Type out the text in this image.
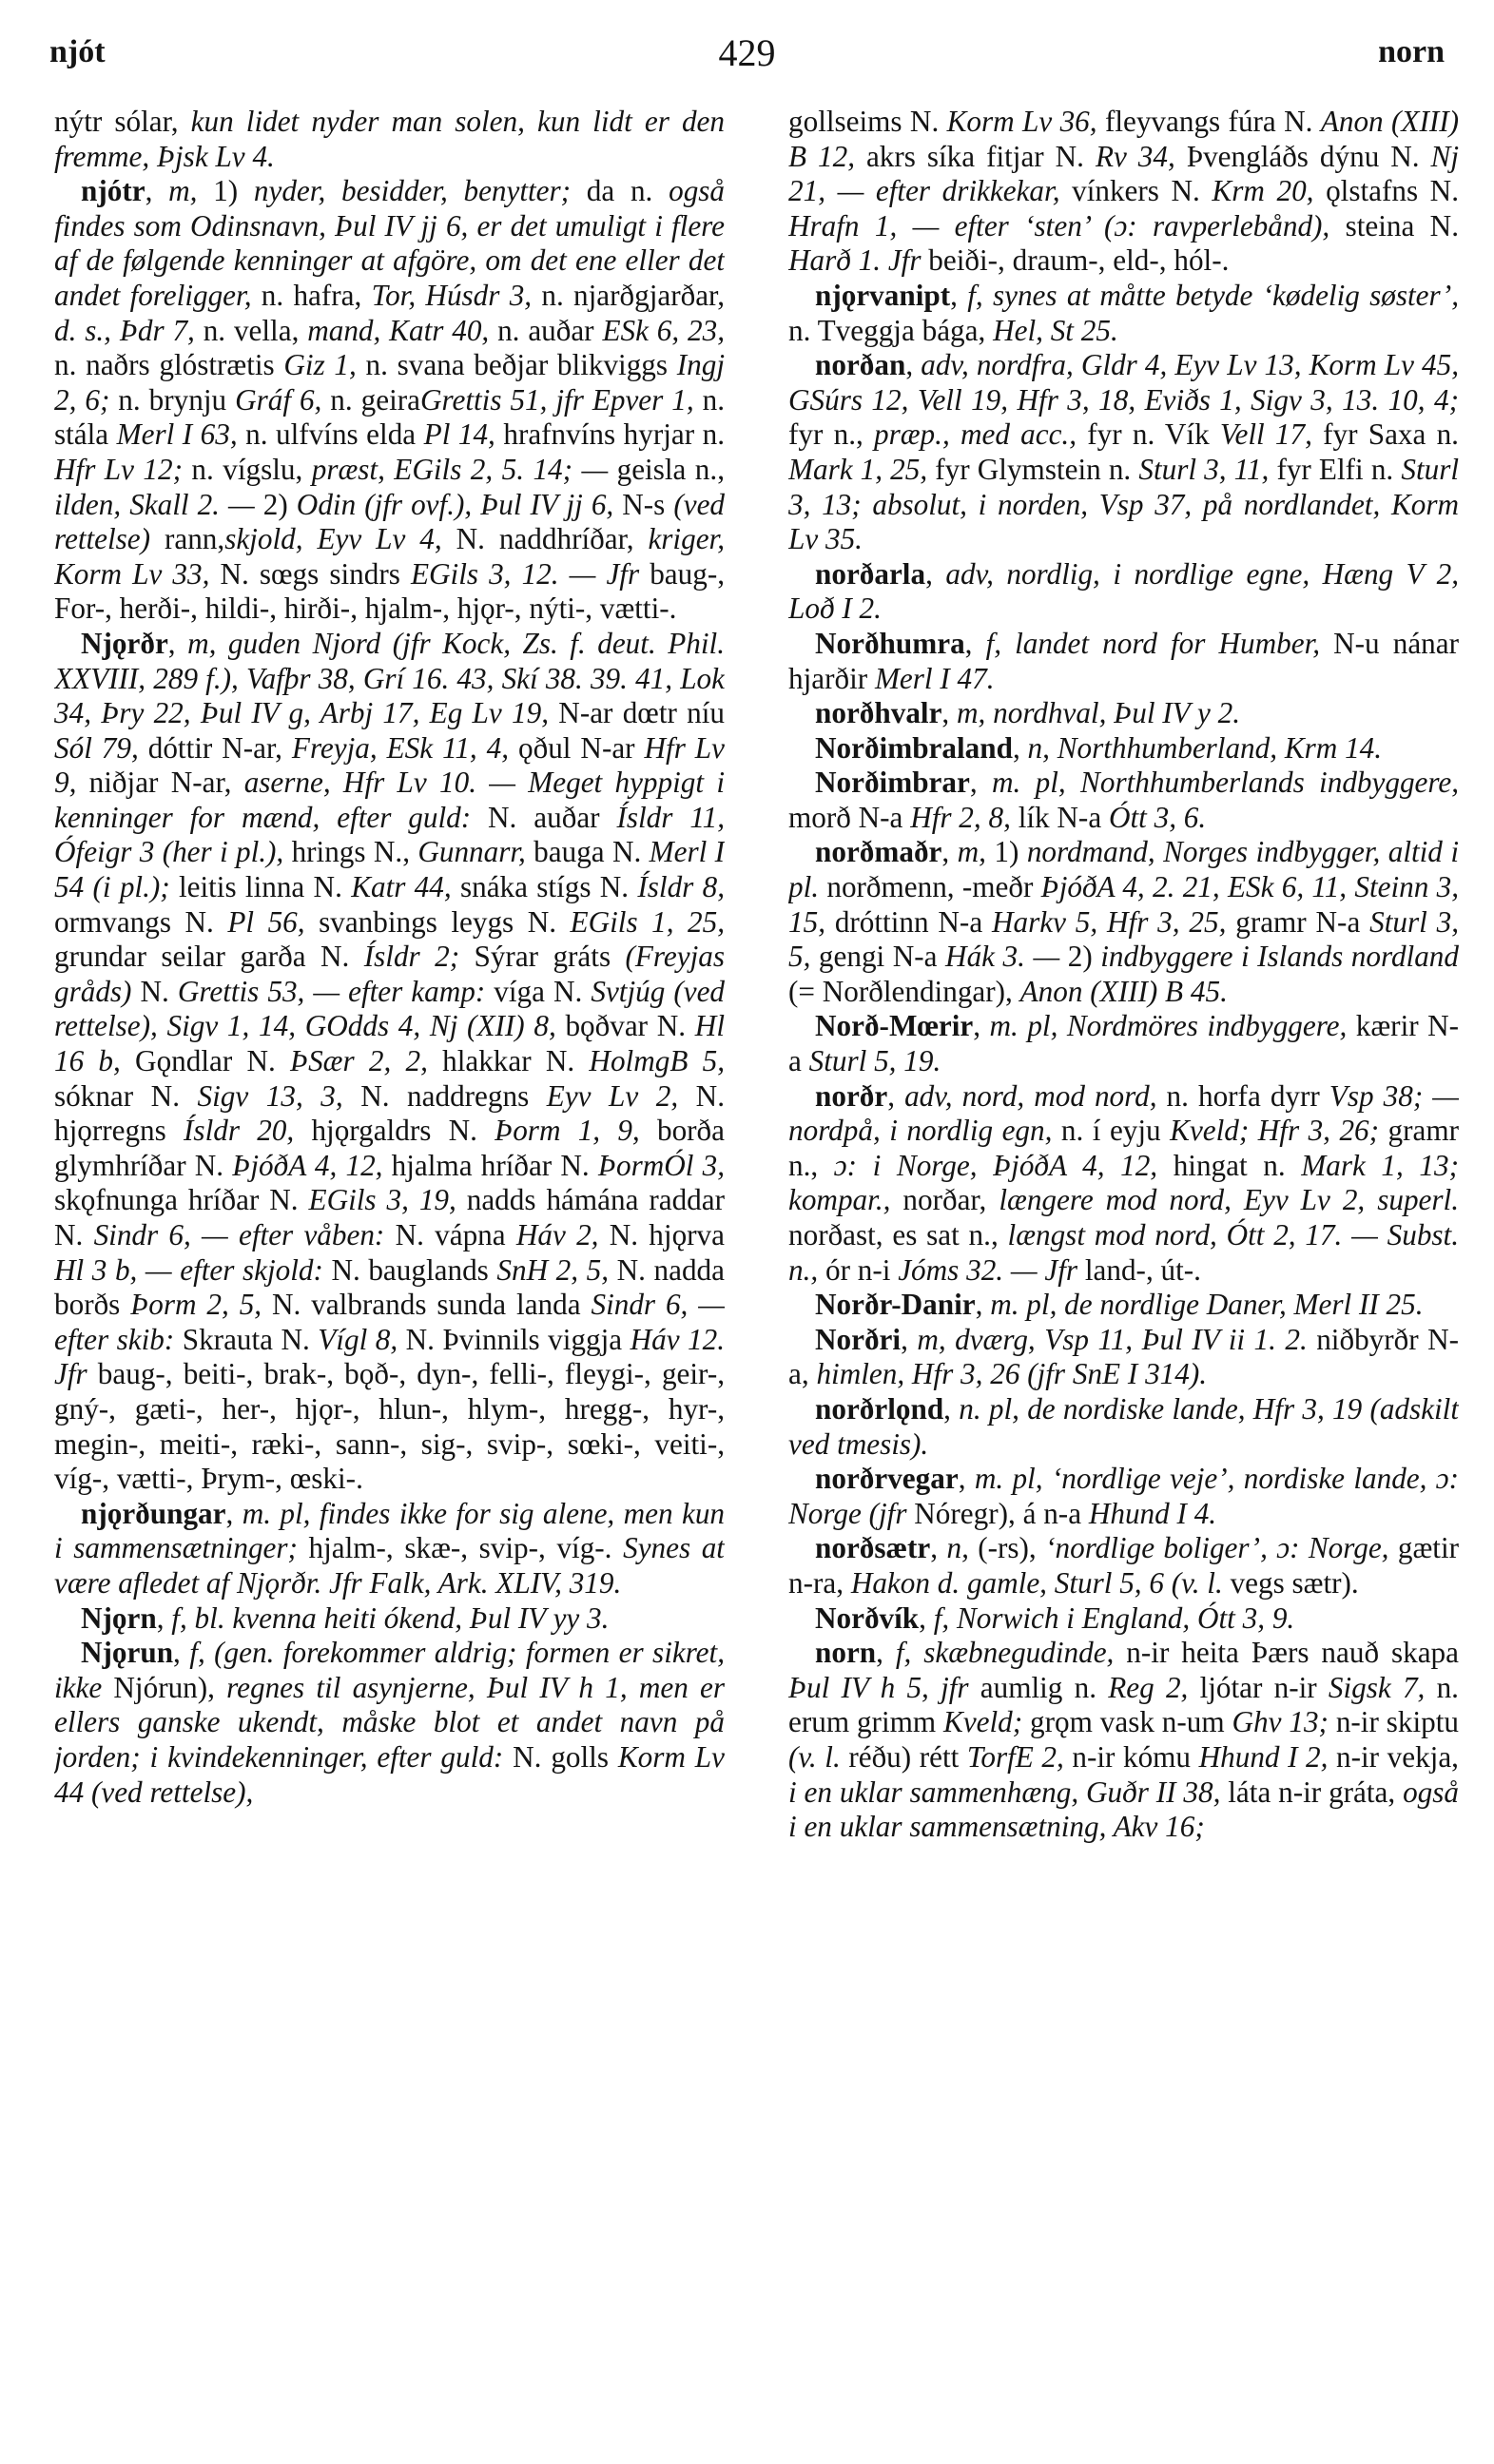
njót	429	norn

nýtr sólar, kun lidet nyder man solen, kun lidt er den fremme, Þjsk Lv 4.

njótr, m, 1) nyder, besidder, benytter; da n. også findes som Odinsnavn, Þul IV jj 6, er det umuligt i flere af de følgende kenninger at afgöre, om det ene eller det andet foreligger, n. hafra, Tor, Húsdr 3, n. njarðgjarðar, d. s., Þdr 7, n. vella, mand, Katr 40, n. auðar ESk 6, 23, n. naðrs glóstrætis Giz 1, n. svana beðjar blikviggs Ingj 2, 6; n. brynju Gráf 6, n. geiraGrettis 51, jfr Epver 1, n. stála Merl I 63, n. ulfvíns elda Pl 14, hrafnvíns hyrjar n. Hfr Lv 12; n. vígslu, præst, EGils 2, 5. 14; — geisla n., ilden, Skall 2. — 2) Odin (jfr ovf.), Þul IV jj 6, N-s (ved rettelse) rann,skjold, Eyv Lv 4, N. naddhríðar, kriger, Korm Lv 33, N. sœgs sindrs EGils 3, 12. — Jfr baug-, For-, herði-, hildi-, hirði-, hjalm-, hjǫr-, nýti-, vætti-.

Njǫrðr, m, guden Njord (jfr Kock, Zs. f. deut. Phil. XXVIII, 289 f.), Vafþr 38, Grí 16. 43, Skí 38. 39. 41, Lok 34, Þry 22, Þul IV g, Arbj 17, Eg Lv 19, N-ar dœtr níu Sól 79, dóttir N-ar, Freyja, ESk 11, 4, ǫðul N-ar Hfr Lv 9, niðjar N-ar, aserne, Hfr Lv 10. — Meget hyppigt i kenninger for mænd, efter guld: N. auðar Ísldr 11, Ófeigr 3 (her i pl.), hrings N., Gunnarr, bauga N. Merl I 54 (i pl.); leitis linna N. Katr 44, snáka stígs N. Ísldr 8, ormvangs N. Pl 56, svanbings leygs N. EGils 1, 25, grundar seilar garða N. Ísldr 2; Sýrar gráts (Freyjas gråds) N. Grettis 53, — efter kamp: víga N. Svtjúg (ved rettelse), Sigv 1, 14, GOdds 4, Nj (XII) 8, bǫðvar N. Hl 16 b, Gǫndlar N. ÞSær 2, 2, hlakkar N. HolmgB 5, sóknar N. Sigv 13, 3, N. naddregns Eyv Lv 2, N. hjǫrregns Ísldr 20, hjǫrgaldrs N. Þorm 1, 9, borða glymhríðar N. ÞjóðA 4, 12, hjalma hríðar N. ÞormÓl 3, skǫfnunga hríðar N. EGils 3, 19, nadds hámána raddar N. Sindr 6, — efter våben: N. vápna Háv 2, N. hjǫrva Hl 3 b, — efter skjold: N. bauglands SnH 2, 5, N. nadda borðs Þorm 2, 5, N. valbrands sunda landa Sindr 6, — efter skib: Skrauta N. Vígl 8, N. Þvinnils viggja Háv 12. Jfr baug-, beiti-, brak-, bǫð-, dyn-, felli-, fleygi-, geir-, gný-, gæti-, her-, hjǫr-, hlun-, hlym-, hregg-, hyr-, megin-, meiti-, ræki-, sann-, sig-, svip-, sœki-, veiti-, víg-, vætti-, Þrym-, œski-.

njǫrðungar, m. pl, findes ikke for sig alene, men kun i sammensætninger; hjalm-, skæ-, svip-, víg-. Synes at være afledet af Njǫrðr. Jfr Falk, Ark. XLIV, 319.

Njǫrn, f, bl. kvenna heiti ókend, Þul IV yy 3.

Njǫrun, f, (gen. forekommer aldrig; formen er sikret, ikke Njórun), regnes til asynjerne, Þul IV h 1, men er ellers ganske ukendt, måske blot et andet navn på jorden; i kvindekenninger, efter guld: N. golls Korm Lv 44 (ved rettelse),

gollseims N. Korm Lv 36, fleyvangs fúra N. Anon (XIII) B 12, akrs síka fitjar N. Rv 34, Þvengláðs dýnu N. Nj 21, — efter drikkekar, vínkers N. Krm 20, ǫlstafns N. Hrafn 1, — efter ‘sten’ (ɔ: ravperlebånd), steina N. Harð 1. Jfr beiði-, draum-, eld-, hól-.

njǫrvanipt, f, synes at måtte betyde ‘kødelig søster’, n. Tveggja bága, Hel, St 25.

norðan, adv, nordfra, Gldr 4, Eyv Lv 13, Korm Lv 45, GSúrs 12, Vell 19, Hfr 3, 18, Eviðs 1, Sigv 3, 13. 10, 4; fyr n., præp., med acc., fyr n. Vík Vell 17, fyr Saxa n. Mark 1, 25, fyr Glymstein n. Sturl 3, 11, fyr Elfi n. Sturl 3, 13; absolut, i norden, Vsp 37, på nordlandet, Korm Lv 35.

norðarla, adv, nordlig, i nordlige egne, Hæng V 2, Loð I 2.

Norðhumra, f, landet nord for Humber, N-u nánar hjarðir Merl I 47.

norðhvalr, m, nordhval, Þul IV y 2.

Norðimbraland, n, Northhumberland, Krm 14.

Norðimbrar, m. pl, Northhumberlands indbyggere, morð N-a Hfr 2, 8, lík N-a Ótt 3, 6.

norðmaðr, m, 1) nordmand, Norges indbygger, altid i pl. norðmenn, -meðr ÞjóðA 4, 2. 21, ESk 6, 11, Steinn 3, 15, dróttinn N-a Harkv 5, Hfr 3, 25, gramr N-a Sturl 3, 5, gengi N-a Hák 3. — 2) indbyggere i Islands nordland (= Norðlendingar), Anon (XIII) B 45.

Norð-Mœrir, m. pl, Nordmöres indbyggere, kærir N-a Sturl 5, 19.

norðr, adv, nord, mod nord, n. horfa dyrr Vsp 38; — nordpå, i nordlig egn, n. í eyju Kveld; Hfr 3, 26; gramr n., ɔ: i Norge, ÞjóðA 4, 12, hingat n. Mark 1, 13; kompar., norðar, længere mod nord, Eyv Lv 2, superl. norðast, es sat n., længst mod nord, Ótt 2, 17. — Subst. n., ór n-i Jóms 32. — Jfr land-, út-.

Norðr-Danir, m. pl, de nordlige Daner, Merl II 25.

Norðri, m, dværg, Vsp 11, Þul IV ii 1. 2. niðbyrðr N-a, himlen, Hfr 3, 26 (jfr SnE I 314).

norðrlǫnd, n. pl, de nordiske lande, Hfr 3, 19 (adskilt ved tmesis).

norðrvegar, m. pl, ‘nordlige veje’, nordiske lande, ɔ: Norge (jfr Nóregr), á n-a Hhund I 4.

norðsætr, n, (-rs), ‘nordlige boliger’, ɔ: Norge, gætir n-ra, Hakon d. gamle, Sturl 5, 6 (v. l. vegs sætr).

Norðvík, f, Norwich i England, Ótt 3, 9.

norn, f, skæbnegudinde, n-ir heita Þærs nauð skapa Þul IV h 5, jfr aumlig n. Reg 2, ljótar n-ir Sigsk 7, n. erum grimm Kveld; grǫm vask n-um Ghv 13; n-ir skiptu (v. l. réðu) rétt TorfE 2, n-ir kómu Hhund I 2, n-ir vekja, i en uklar sammenhæng, Guðr II 38, láta n-ir gráta, også i en uklar sammensætning, Akv 16;
